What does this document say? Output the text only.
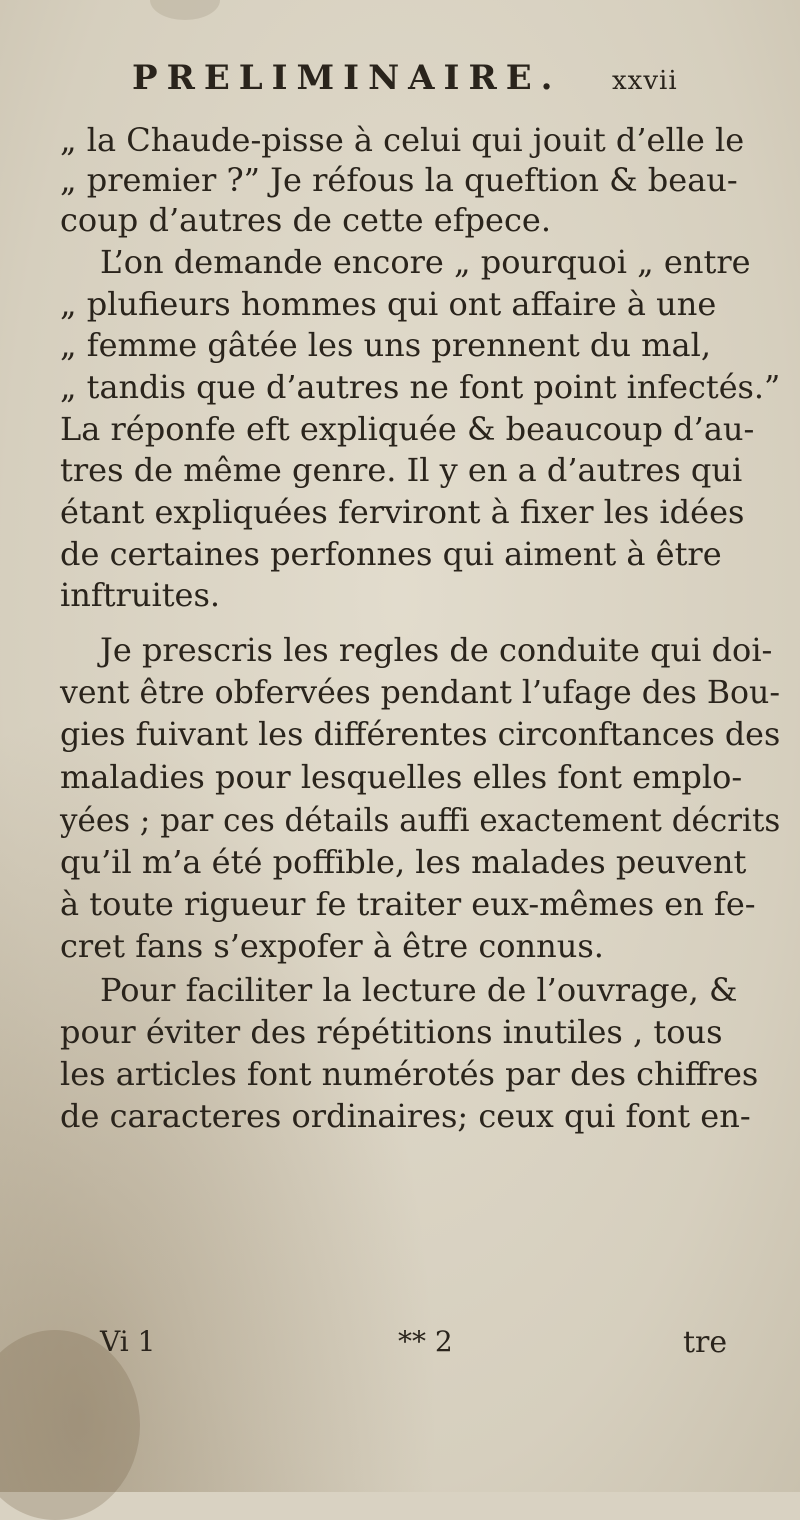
PRELIMINAIRE. xxvii
„ la Chaude-pisse à celui qui jouit d’elle le
„ premier ?” Je réfous la queftion & beau-
coup d’autres de cette efpece.
L’on demande encore „ pourquoi „ entre
„ plufieurs hommes qui ont affaire à une
„ femme gâtée les uns prennent du mal,
„ tandis que d’autres ne font point infectés.”
La réponfe eft expliquée & beaucoup d’au-
tres de même genre. Il y en a d’autres qui
étant expliquées ferviront à fixer les idées
de certaines perfonnes qui aiment à être
inftruites.
Je prescris les regles de conduite qui doi-
vent être obfervées pendant l’ufage des Bou-
gies fuivant les différentes circonftances des
maladies pour lesquelles elles font emplo-
yées ; par ces détails auffi exactement décrits
qu’il m’a été poffible, les malades peuvent
à toute rigueur fe traiter eux-mêmes en fe-
cret fans s’expofer à être connus.
Pour faciliter la lecture de l’ouvrage, &
pour éviter des répétitions inutiles , tous
les articles font numérotés par des chiffres
de caracteres ordinaires; ceux qui font en-
Vi 1	** 2	tre
